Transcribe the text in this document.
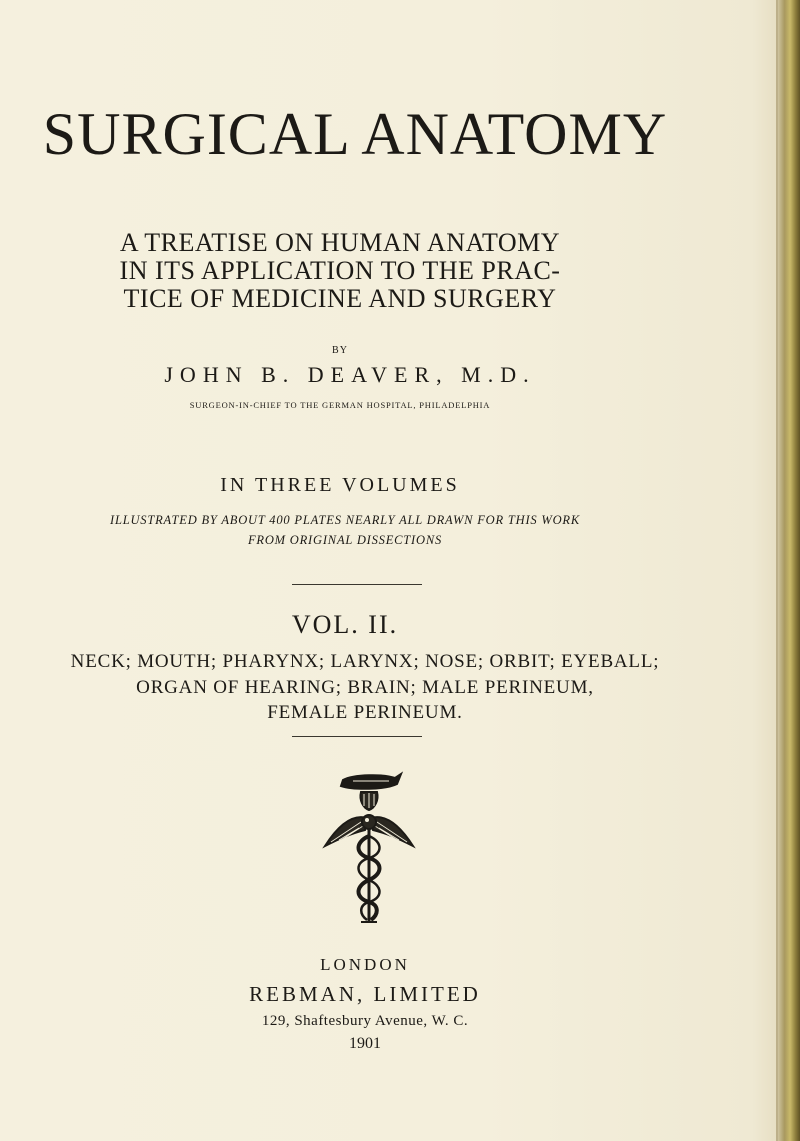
SURGICAL ANATOMY
A TREATISE ON HUMAN ANATOMY
IN ITS APPLICATION TO THE PRAC-
TICE OF MEDICINE AND SURGERY
BY
JOHN B. DEAVER, M.D.
SURGEON-IN-CHIEF TO THE GERMAN HOSPITAL, PHILADELPHIA
IN THREE VOLUMES
ILLUSTRATED BY ABOUT 400 PLATES NEARLY ALL DRAWN FOR THIS WORK
FROM ORIGINAL DISSECTIONS
VOL. II.
NECK; MOUTH; PHARYNX; LARYNX; NOSE; ORBIT; EYEBALL;
ORGAN OF HEARING; BRAIN; MALE PERINEUM,
FEMALE PERINEUM.
LONDON
REBMAN, LIMITED
129, Shaftesbury Avenue, W. C.
1901
